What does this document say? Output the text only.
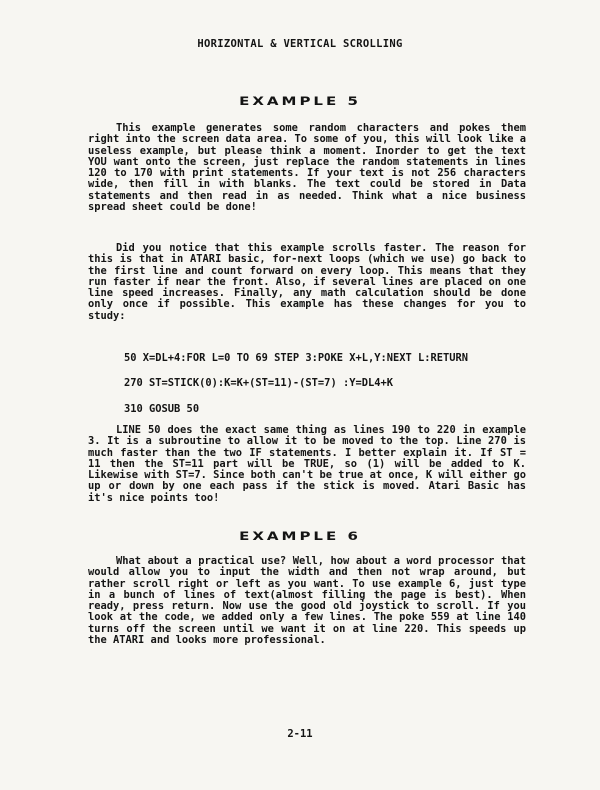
HORIZONTAL & VERTICAL SCROLLING
EXAMPLE 5

This example generates some random characters and pokes them right into the screen data area. To some of you, this will look like a useless example, but please think a moment. Inorder to get the text YOU want onto the screen, just replace the random statements in lines 120 to 170 with print statements. If your text is not 256 characters wide, then fill in with blanks. The text could be stored in Data statements and then read in as needed. Think what a nice business spread sheet could be done!

Did you notice that this example scrolls faster. The reason for this is that in ATARI basic, for-next loops (which we use) go back to the first line and count forward on every loop. This means that they run faster if near the front. Also, if several lines are placed on one line speed increases. Finally, any math calculation should be done only once if possible. This example has these changes for you to study:

50 X=DL+4:FOR L=0 TO 69 STEP 3:POKE X+L,Y:NEXT L:RETURN
270 ST=STICK(0):K=K+(ST=11)-(ST=7) :Y=DL4+K
310 GOSUB 50

LINE 50 does the exact same thing as lines 190 to 220 in example 3. It is a subroutine to allow it to be moved to the top. Line 270 is much faster than the two IF statements. I better explain it. If ST = 11 then the ST=11 part will be TRUE, so (1) will be added to K. Likewise with ST=7. Since both can't be true at once, K will either go up or down by one each pass if the stick is moved. Atari Basic has it's nice points too!

EXAMPLE 6

What about a practical use? Well, how about a word processor that would allow you to input the width and then not wrap around, but rather scroll right or left as you want. To use example 6, just type in a bunch of lines of text(almost filling the page is best). When ready, press return. Now use the good old joystick to scroll. If you look at the code, we added only a few lines. The poke 559 at line 140 turns off the screen until we want it on at line 220. This speeds up the ATARI and looks more professional.

2-11
